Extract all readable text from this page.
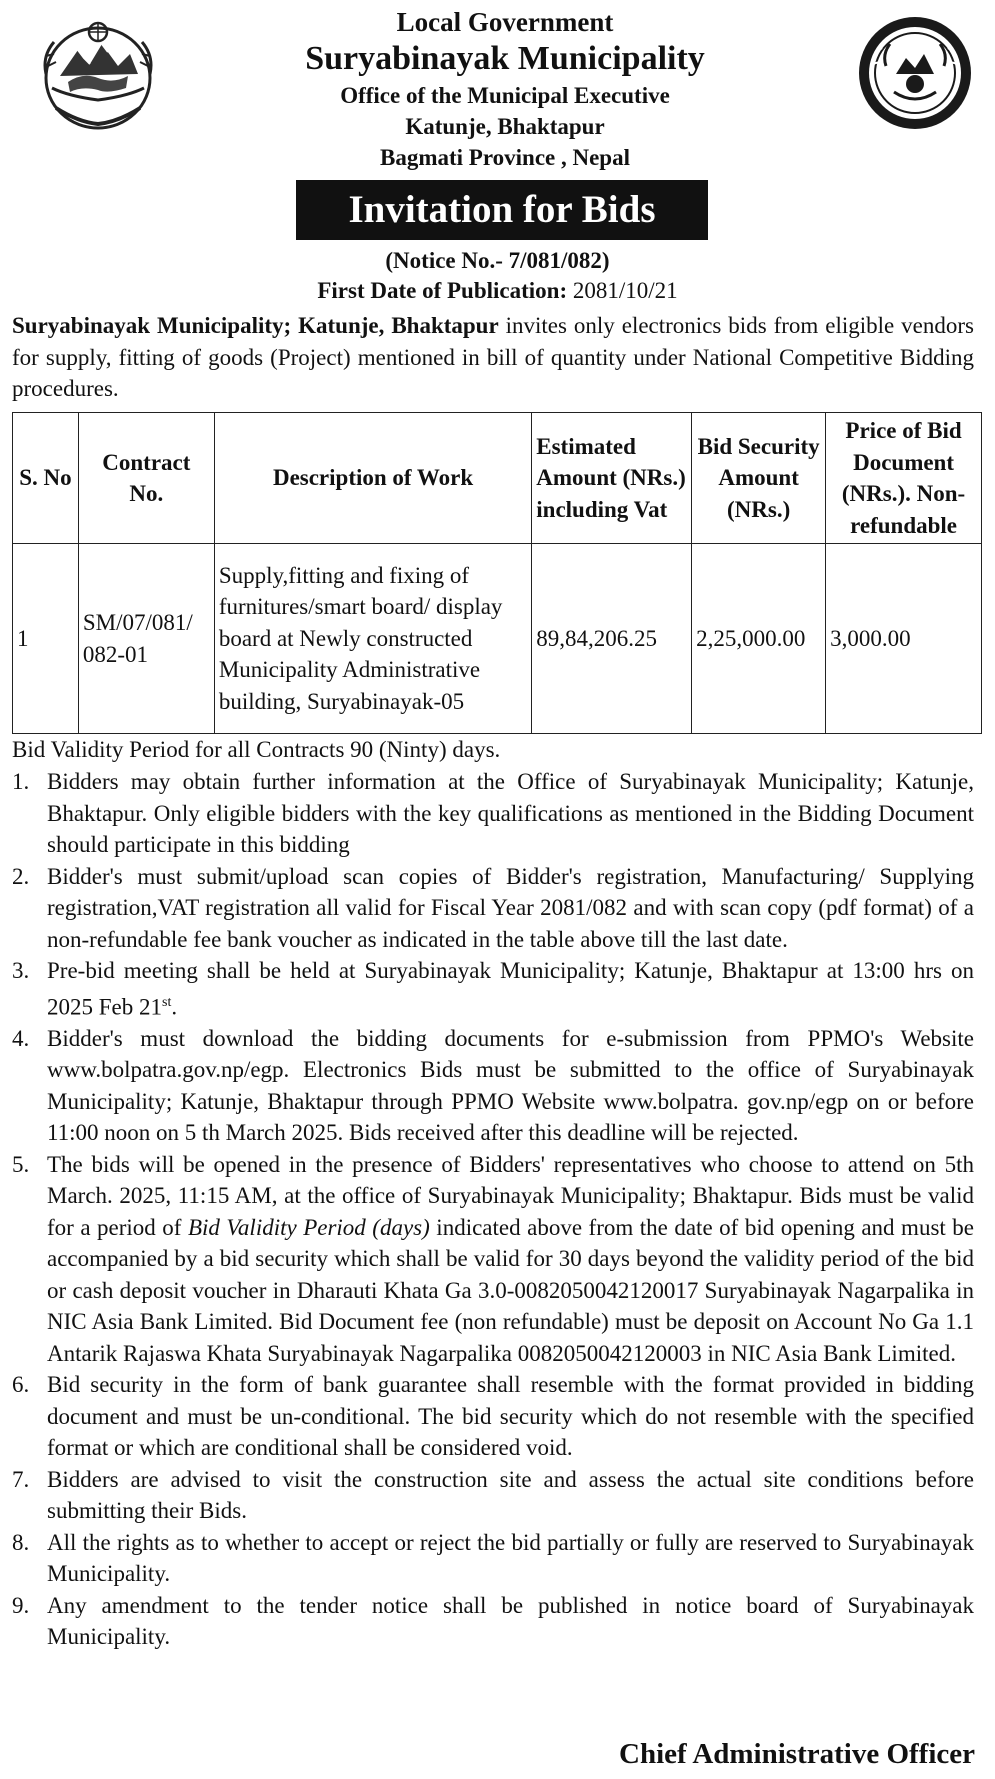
Local Government
Suryabinayak Municipality
Office of the Municipal Executive
Katunje, Bhaktapur
Bagmati Province , Nepal
Invitation for Bids
(Notice No.- 7/081/082)
First Date of Publication: 2081/10/21
Suryabinayak Municipality; Katunje, Bhaktapur invites only electronics bids from eligible vendors for supply, fitting of goods (Project) mentioned in bill of quantity under National Competitive Bidding procedures.
S. No	Contract No.	Description of Work	Estimated Amount (NRs.) including Vat	Bid Security Amount (NRs.)	Price of Bid Document (NRs.). Non-refundable
1	SM/07/081/ 082-01	Supply,fitting and fixing of furnitures/smart board/ display board at Newly constructed Municipality Administrative building, Suryabinayak-05	89,84,206.25	2,25,000.00	3,000.00
Bid Validity Period for all Contracts 90 (Ninty) days.
1. Bidders may obtain further information at the Office of Suryabinayak Municipality; Katunje, Bhaktapur. Only eligible bidders with the key qualifications as mentioned in the Bidding Document should participate in this bidding
2. Bidder's must submit/upload scan copies of Bidder's registration, Manufacturing/ Supplying registration,VAT registration all valid for Fiscal Year 2081/082 and with scan copy (pdf format) of a non-refundable fee bank voucher as indicated in the table above till the last date.
3. Pre-bid meeting shall be held at Suryabinayak Municipality; Katunje, Bhaktapur at 13:00 hrs on 2025 Feb 21st.
4. Bidder's must download the bidding documents for e-submission from PPMO's Website www.bolpatra.gov.np/egp. Electronics Bids must be submitted to the office of Suryabinayak Municipality; Katunje, Bhaktapur through PPMO Website www.bolpatra. gov.np/egp on or before 11:00 noon on 5 th March 2025. Bids received after this deadline will be rejected.
5. The bids will be opened in the presence of Bidders' representatives who choose to attend on 5th March. 2025, 11:15 AM, at the office of Suryabinayak Municipality; Bhaktapur. Bids must be valid for a period of Bid Validity Period (days) indicated above from the date of bid opening and must be accompanied by a bid security which shall be valid for 30 days beyond the validity period of the bid or cash deposit voucher in Dharauti Khata Ga 3.0-0082050042120017 Suryabinayak Nagarpalika in NIC Asia Bank Limited. Bid Document fee (non refundable) must be deposit on Account No Ga 1.1 Antarik Rajaswa Khata Suryabinayak Nagarpalika 0082050042120003 in NIC Asia Bank Limited.
6. Bid security in the form of bank guarantee shall resemble with the format provided in bidding document and must be un-conditional. The bid security which do not resemble with the specified format or which are conditional shall be considered void.
7. Bidders are advised to visit the construction site and assess the actual site conditions before submitting their Bids.
8. All the rights as to whether to accept or reject the bid partially or fully are reserved to Suryabinayak Municipality.
9. Any amendment to the tender notice shall be published in notice board of Suryabinayak Municipality.
Chief Administrative Officer
